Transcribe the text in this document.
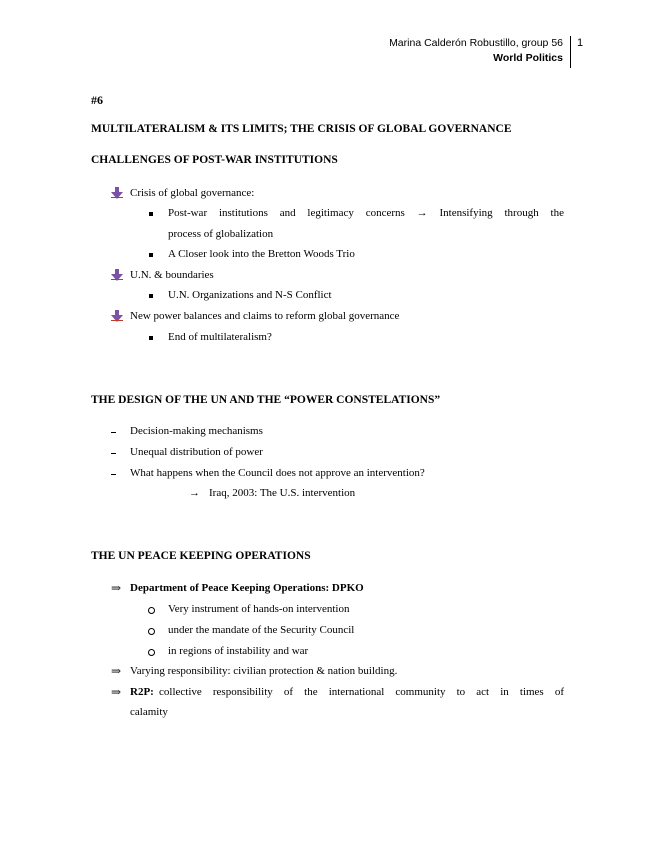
Marina Calderón Robustillo, group 56
World Politics
1
#6
MULTILATERALISM & ITS LIMITS; THE CRISIS OF GLOBAL GOVERNANCE
CHALLENGES OF POST-WAR INSTITUTIONS
Crisis of global governance:
Post-war institutions and legitimacy concerns → Intensifying through the
process of globalization
A Closer look into the Bretton Woods Trio
U.N. & boundaries
U.N. Organizations and N-S Conflict
New power balances and claims to reform global governance
End of multilateralism?
THE DESIGN OF THE UN AND THE “POWER CONSTELATIONS”
Decision-making mechanisms
Unequal distribution of power
What happens when the Council does not approve an intervention?
→ Iraq, 2003: The U.S. intervention
THE UN PEACE KEEPING OPERATIONS
⇒ Department of Peace Keeping Operations: DPKO
Very instrument of hands-on intervention
under the mandate of the Security Council
in regions of instability and war
⇒ Varying responsibility: civilian protection & nation building.
⇒ R2P: collective responsibility of the international community to act in times of
calamity
